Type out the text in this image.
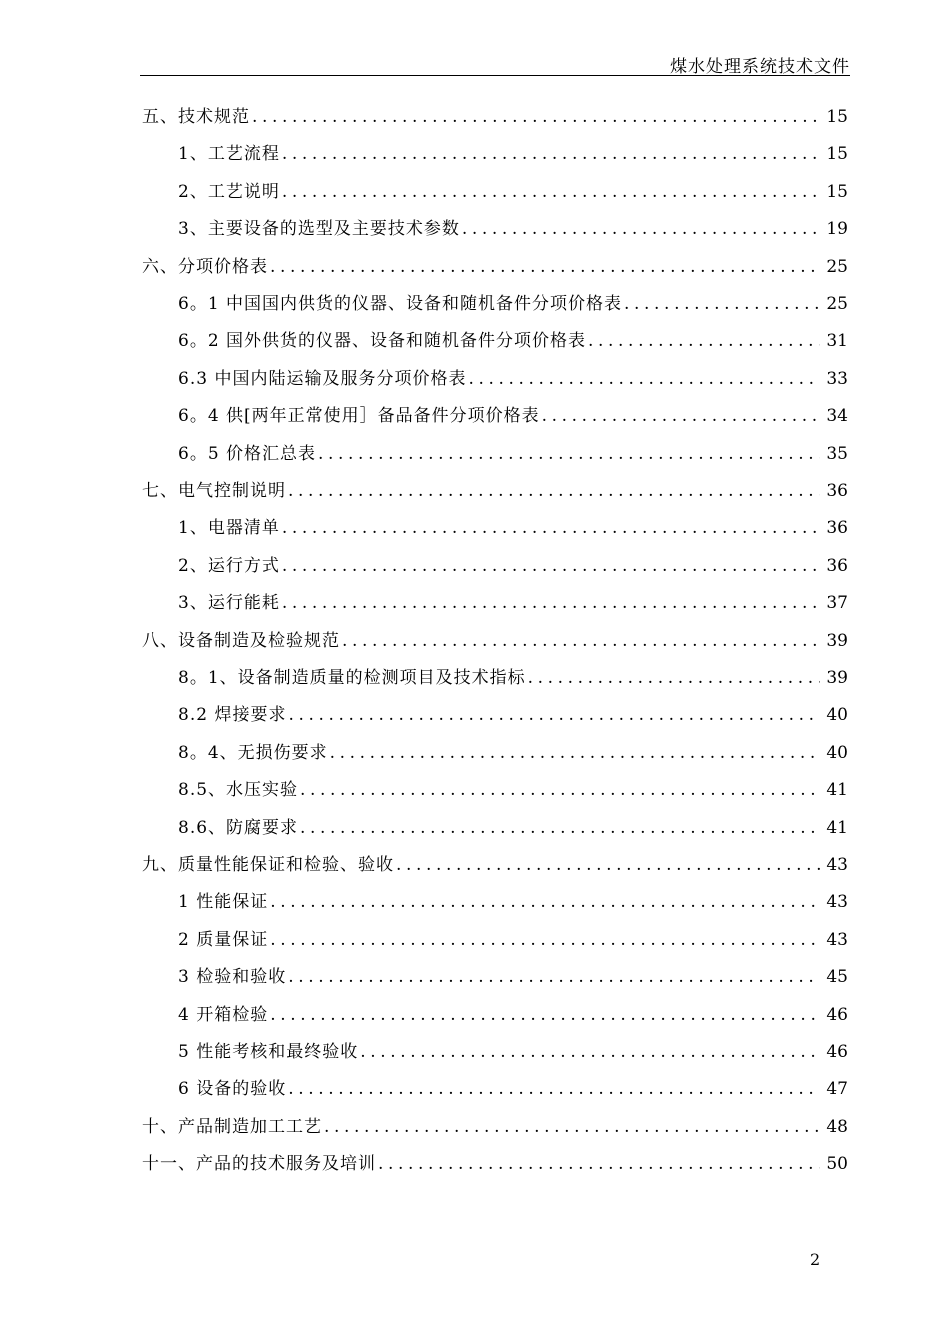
煤水处理系统技术文件
五、技术规范 .....	15
1、工艺流程 .....	15
2、工艺说明 .....	15
3、主要设备的选型及主要技术参数 .....	19
六、分项价格表 .....	25
6。1 中国国内供货的仪器、设备和随机备件分项价格表 .....	25
6。2 国外供货的仪器、设备和随机备件分项价格表 .....	31
6.3 中国内陆运输及服务分项价格表 .....	33
6。4 供[两年正常使用］备品备件分项价格表 .....	34
6。5 价格汇总表 .....	35
七、电气控制说明 .....	36
1、电器清单 .....	36
2、运行方式 .....	36
3、运行能耗 .....	37
八、设备制造及检验规范 .....	39
8。1、设备制造质量的检测项目及技术指标 .....	39
8.2 焊接要求 .....	40
8。4、无损伤要求 .....	40
8.5、水压实验 .....	41
8.6、防腐要求 .....	41
九、质量性能保证和检验、验收 .....	43
1 性能保证 .....	43
2 质量保证 .....	43
3 检验和验收 .....	45
4 开箱检验 .....	46
5 性能考核和最终验收 .....	46
6 设备的验收 .....	47
十、产品制造加工工艺 .....	48
十一、产品的技术服务及培训 .....	50
2
